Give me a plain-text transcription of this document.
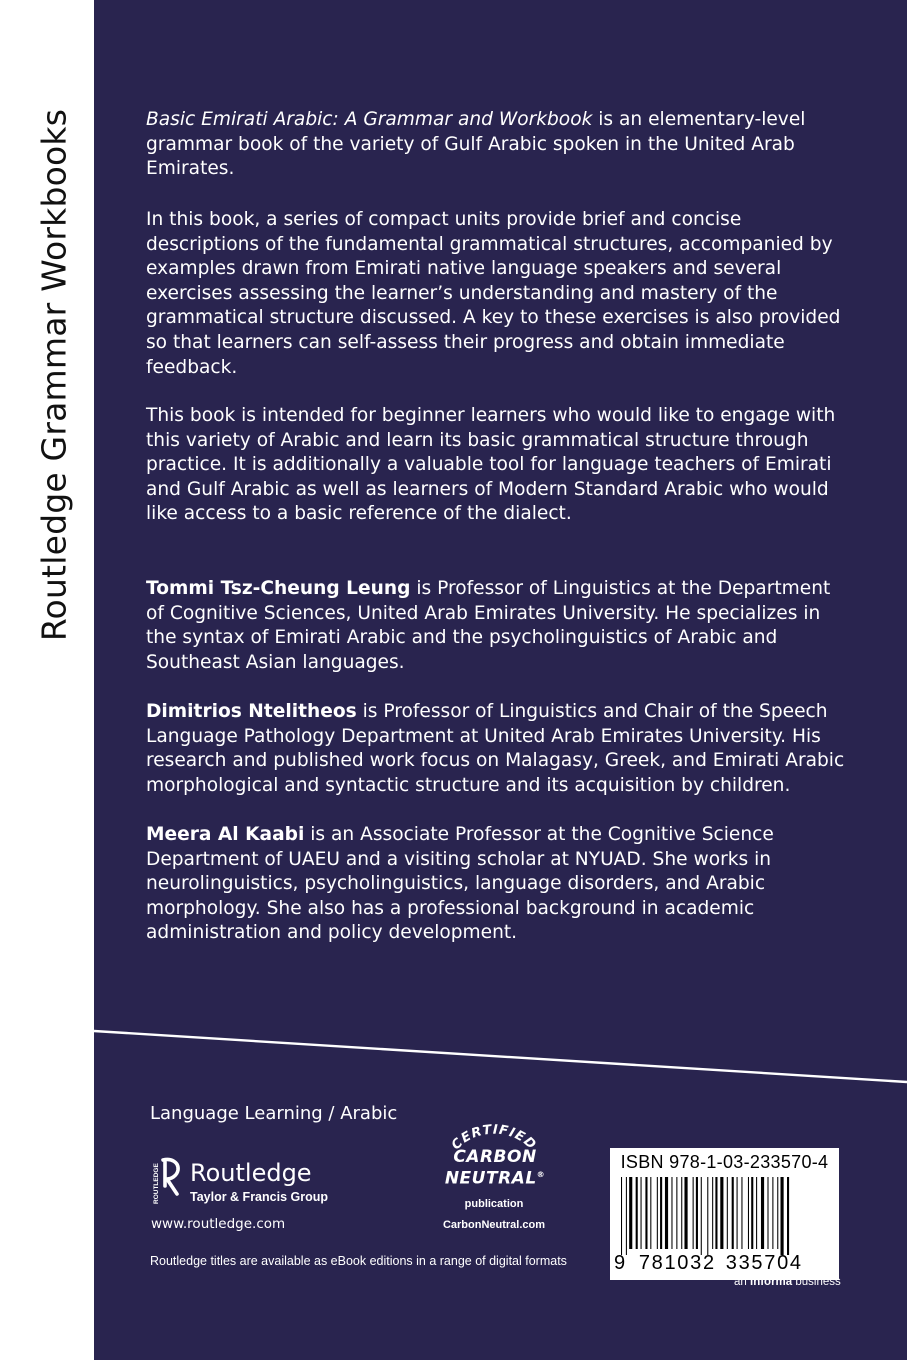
Routledge Grammar Workbooks	Basic Emirati Arabic: A Grammar and Workbook is an elementary-level grammar book of the variety of Gulf Arabic spoken in the United Arab Emirates.

In this book, a series of compact units provide brief and concise descriptions of the fundamental grammatical structures, accompanied by examples drawn from Emirati native language speakers and several exercises assessing the learner’s understanding and mastery of the grammatical structure discussed. A key to these exercises is also provided so that learners can self-assess their progress and obtain immediate feedback.

This book is intended for beginner learners who would like to engage with this variety of Arabic and learn its basic grammatical structure through practice. It is additionally a valuable tool for language teachers of Emirati and Gulf Arabic as well as learners of Modern Standard Arabic who would like access to a basic reference of the dialect.

Tommi Tsz-Cheung Leung is Professor of Linguistics at the Department of Cognitive Sciences, United Arab Emirates University. He specializes in the syntax of Emirati Arabic and the psycholinguistics of Arabic and Southeast Asian languages.

Dimitrios Ntelitheos is Professor of Linguistics and Chair of the Speech Language Pathology Department at United Arab Emirates University. His research and published work focus on Malagasy, Greek, and Emirati Arabic morphological and syntactic structure and its acquisition by children.

Meera Al Kaabi is an Associate Professor at the Cognitive Science Department of UAEU and a visiting scholar at NYUAD. She works in neurolinguistics, psycholinguistics, language disorders, and Arabic morphology. She also has a professional background in academic administration and policy development.

Language Learning / Arabic
ROUTLEDGE Routledge
Taylor & Francis Group
www.routledge.com
CERTIFIED
CARBON
NEUTRAL®
publication
CarbonNeutral.com
ISBN 978-1-03-233570-4
9 781032 335704
an informa business
Routledge titles are available as eBook editions in a range of digital formats
